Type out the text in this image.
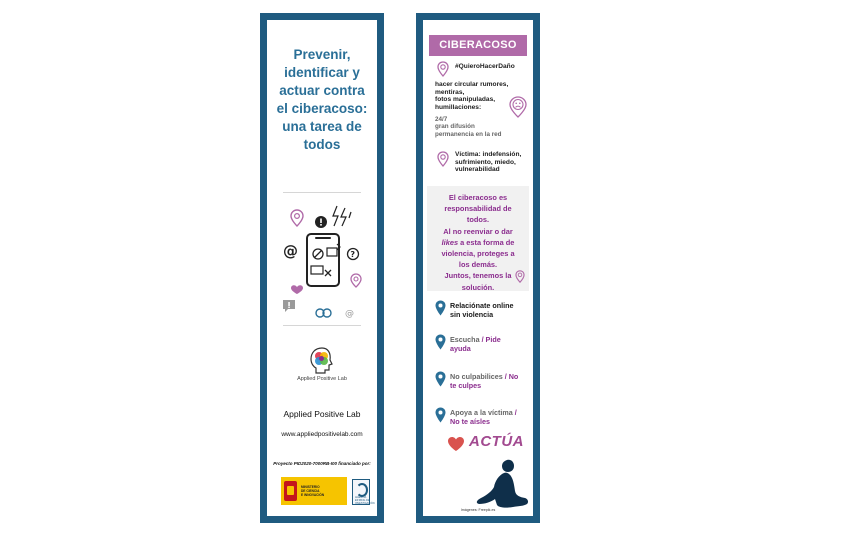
Prevenir,
identificar y
actuar contra
el ciberacoso:
una tarea de
todos
@	?
@
Applied Positive Lab
Applied Positive Lab
www.appliedpositivelab.com
Proyecto PID2020-7000RB-I00 financiado por:
MINISTERIO
DE CIENCIA
E INNOVACIÓN
AGENCIA
ESTATAL DE
INVESTIGACIÓN
CIBERACOSO
#QuieroHacerDaño
hacer circular rumores,
mentiras,
fotos manipuladas,
humillaciones:
24/7
gran difusión
permanencia en la red
Víctima: indefensión,
sufrimiento, miedo,
vulnerabilidad
El ciberacoso es
responsabilidad de
todos.
Al no reenviar o dar
likes a esta forma de
violencia, proteges a
los demás.
Juntos, tenemos la
solución.
Relaciónate online
sin violencia
Escucha / Pide
ayuda
No culpabilices / No
te culpes
Apoya a la víctima /
No te aísles
ACTÚA
Imágenes: Freepik.es
